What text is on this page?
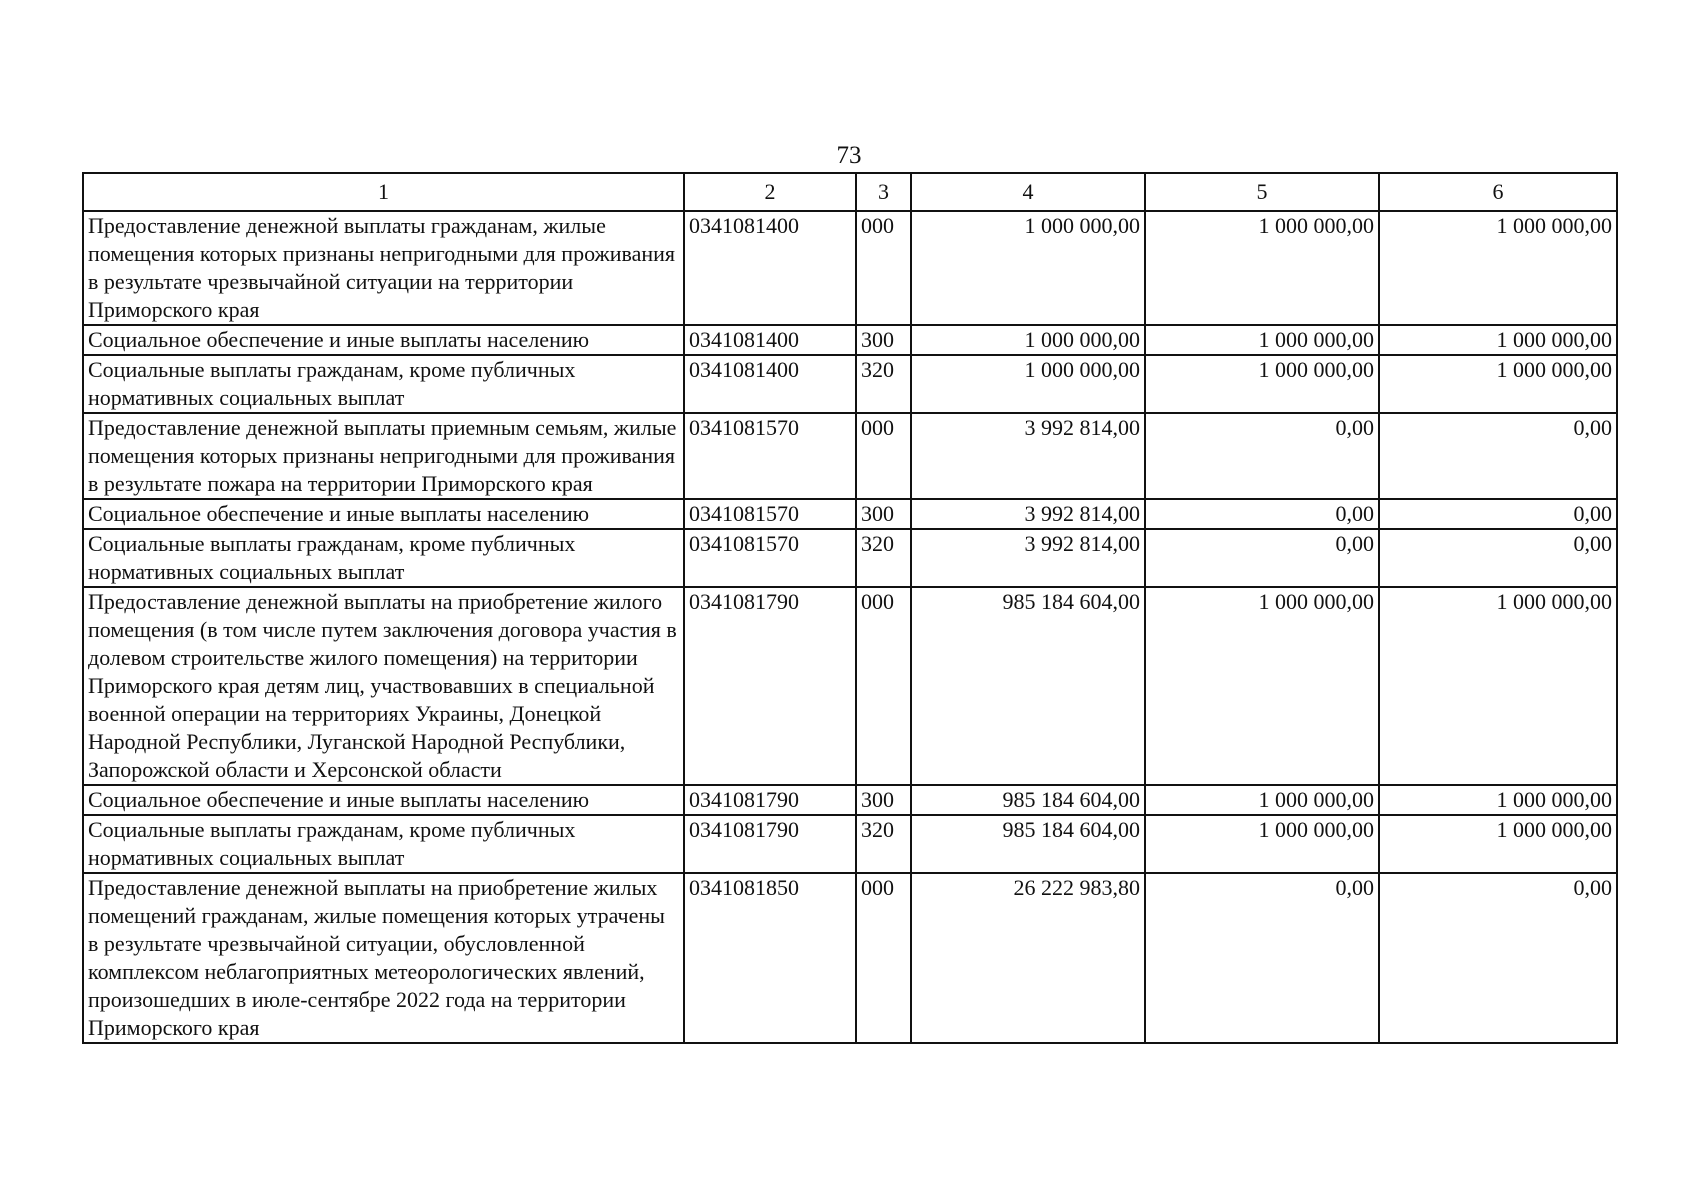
73
1	2	3	4	5	6
Предоставление денежной выплаты гражданам, жилые помещения которых признаны непригодными для проживания в результате чрезвычайной ситуации на территории Приморского края	0341081400	000	1 000 000,00	1 000 000,00	1 000 000,00
Социальное обеспечение и иные выплаты населению	0341081400	300	1 000 000,00	1 000 000,00	1 000 000,00
Социальные выплаты гражданам, кроме публичных нормативных социальных выплат	0341081400	320	1 000 000,00	1 000 000,00	1 000 000,00
Предоставление денежной выплаты приемным семьям, жилые помещения которых признаны непригодными для проживания в результате пожара на территории Приморского края	0341081570	000	3 992 814,00	0,00	0,00
Социальное обеспечение и иные выплаты населению	0341081570	300	3 992 814,00	0,00	0,00
Социальные выплаты гражданам, кроме публичных нормативных социальных выплат	0341081570	320	3 992 814,00	0,00	0,00
Предоставление денежной выплаты на приобретение жилого помещения (в том числе путем заключения договора участия в долевом строительстве жилого помещения) на территории Приморского края детям лиц, участвовавших в специальной военной операции на территориях Украины, Донецкой Народной Республики, Луганской Народной Республики, Запорожской области и Херсонской области	0341081790	000	985 184 604,00	1 000 000,00	1 000 000,00
Социальное обеспечение и иные выплаты населению	0341081790	300	985 184 604,00	1 000 000,00	1 000 000,00
Социальные выплаты гражданам, кроме публичных нормативных социальных выплат	0341081790	320	985 184 604,00	1 000 000,00	1 000 000,00
Предоставление денежной выплаты на приобретение жилых помещений гражданам, жилые помещения которых утрачены в результате чрезвычайной ситуации, обусловленной комплексом неблагоприятных метеорологических явлений, произошедших в июле-сентябре 2022 года на территории Приморского края	0341081850	000	26 222 983,80	0,00	0,00
